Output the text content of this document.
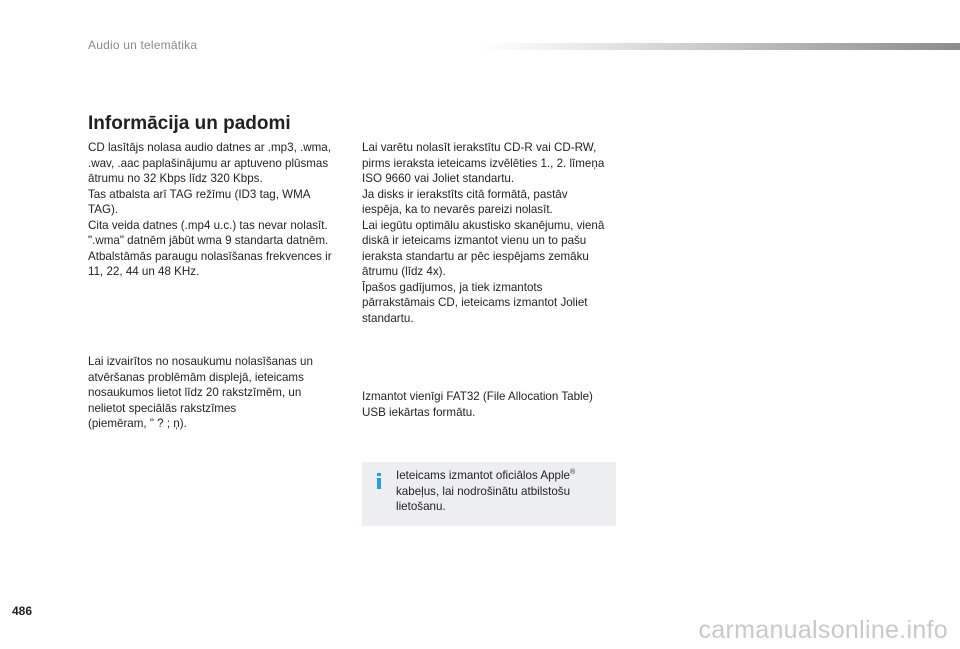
Audio un telemātika
Informācija un padomi

CD lasītājs nolasa audio datnes ar .mp3, .wma,
.wav, .aac paplašinājumu ar aptuveno plūsmas
ātrumu no 32 Kbps līdz 320 Kbps.
Tas atbalsta arī TAG režīmu (ID3 tag, WMA
TAG).
Cita veida datnes (.mp4 u.c.) tas nevar nolasīt.
".wma" datnēm jābūt wma 9 standarta datnēm.
Atbalstāmās paraugu nolasīšanas frekvences ir
11, 22, 44 un 48 KHz.

Lai izvairītos no nosaukumu nolasīšanas un
atvēršanas problēmām displejā, ieteicams
nosaukumos lietot līdz 20 rakstzīmēm, un
nelietot speciālās rakstzīmes
(piemēram, " ? ; ņ).

Lai varētu nolasīt ierakstītu CD-R vai CD-RW,
pirms ieraksta ieteicams izvēlēties 1., 2. līmeņa
ISO 9660 vai Joliet standartu.
Ja disks ir ierakstīts citā formātā, pastāv
iespēja, ka to nevarēs pareizi nolasīt.
Lai iegūtu optimālu akustisko skanējumu, vienā
diskā ir ieteicams izmantot vienu un to pašu
ieraksta standartu ar pēc iespējams zemāku
ātrumu (līdz 4x).
Īpašos gadījumos, ja tiek izmantots
pārrakstāmais CD, ieteicams izmantot Joliet
standartu.

Izmantot vienīgi FAT32 (File Allocation Table)
USB iekārtas formātu.

Ieteicams izmantot oficiālos Apple®
kabeļus, lai nodrošinātu atbilstošu
lietošanu.
486
carmanualsonline.info
